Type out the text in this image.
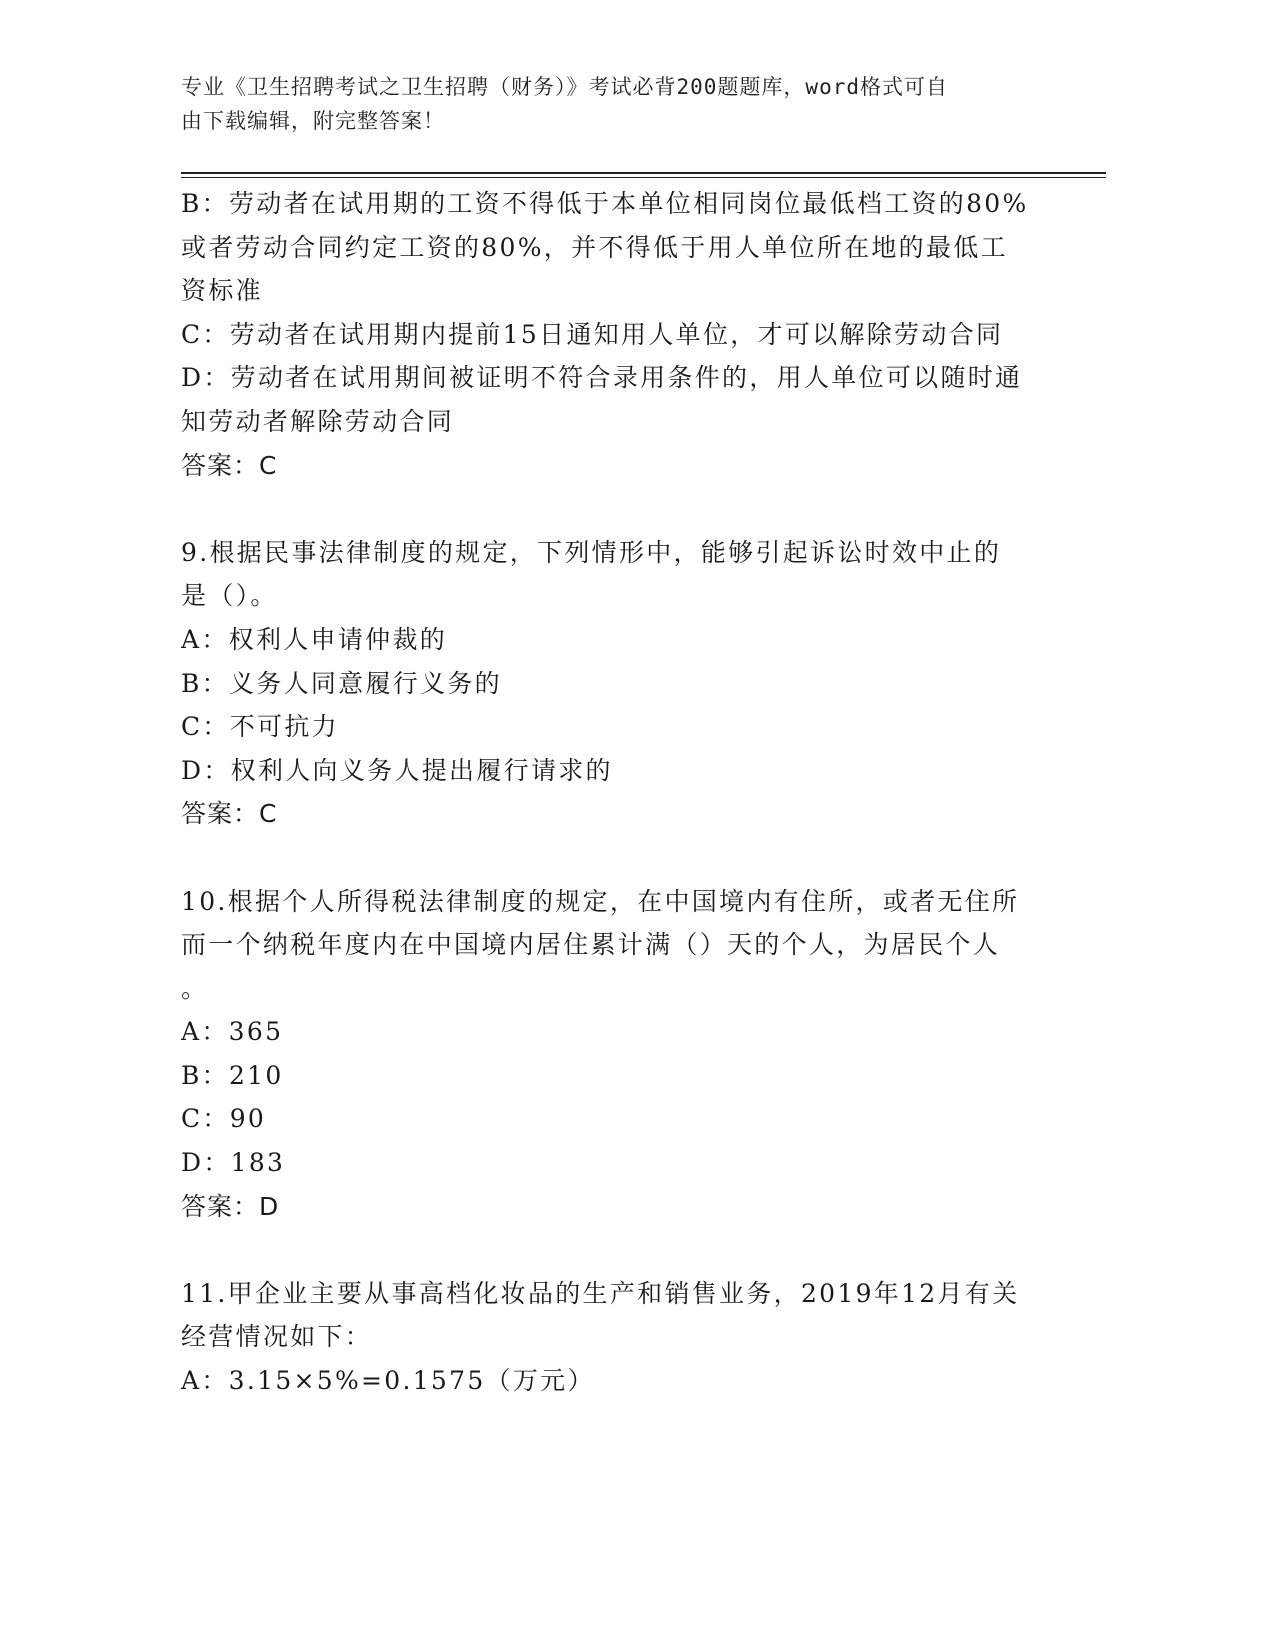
专业《卫生招聘考试之卫生招聘（财务）》考试必背200题题库，word格式可自
由下载编辑，附完整答案！
B：劳动者在试用期的工资不得低于本单位相同岗位最低档工资的80%
或者劳动合同约定工资的80%，并不得低于用人单位所在地的最低工
资标准
C：劳动者在试用期内提前15日通知用人单位，才可以解除劳动合同
D：劳动者在试用期间被证明不符合录用条件的，用人单位可以随时通
知劳动者解除劳动合同
答案：C
9.根据民事法律制度的规定，下列情形中，能够引起诉讼时效中止的
是（）。
A：权利人申请仲裁的
B：义务人同意履行义务的
C：不可抗力
D：权利人向义务人提出履行请求的
答案：C
10.根据个人所得税法律制度的规定，在中国境内有住所，或者无住所
而一个纳税年度内在中国境内居住累计满（）天的个人，为居民个人
。
A：365
B：210
C：90
D：183
答案：D
11.甲企业主要从事高档化妆品的生产和销售业务，2019年12月有关
经营情况如下：
A：3.15×5%=0.1575（万元）
